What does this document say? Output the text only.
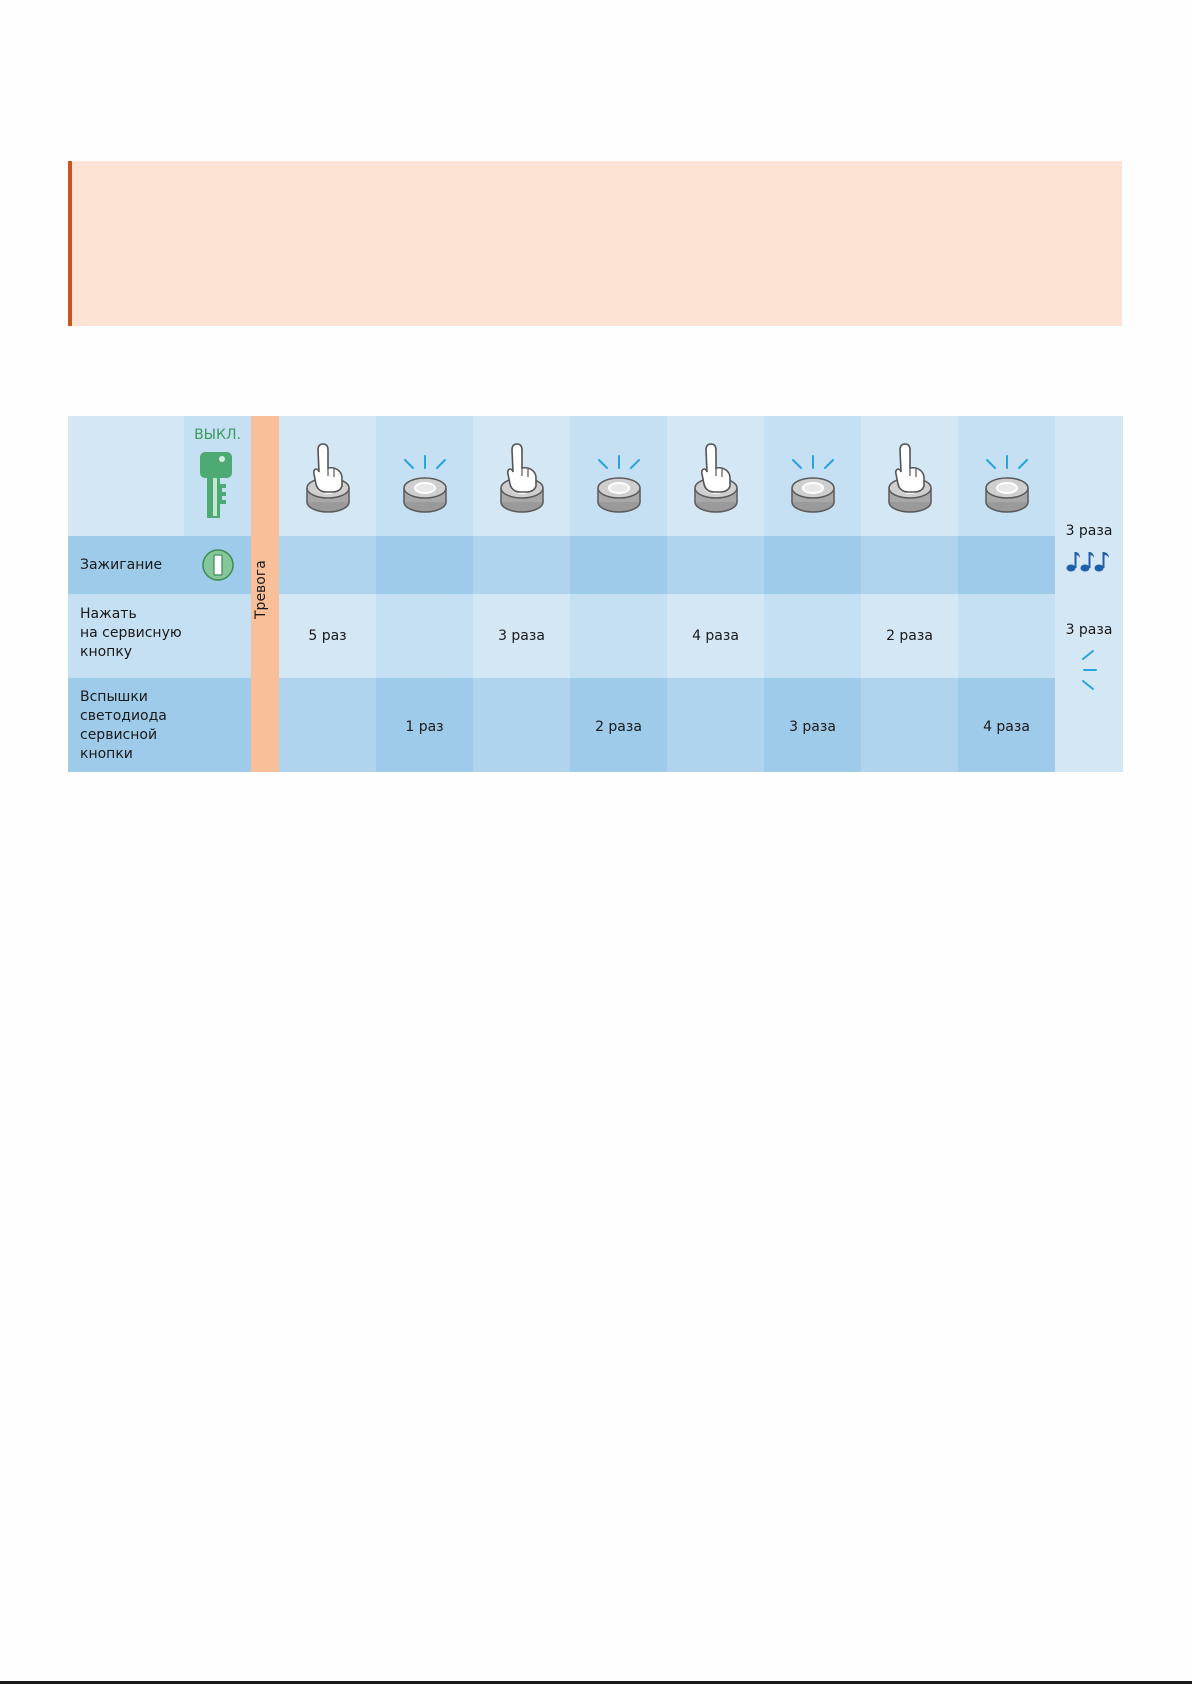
ВЫКЛ.
Тревога
5 раз
1 раз
3 раза
2 раза
4 раза
3 раза
2 раза
4 раза
Зажигание
Нажать
на сервисную
кнопку
Вспышки
светодиода
сервисной
кнопки
3 раза
3 раза
